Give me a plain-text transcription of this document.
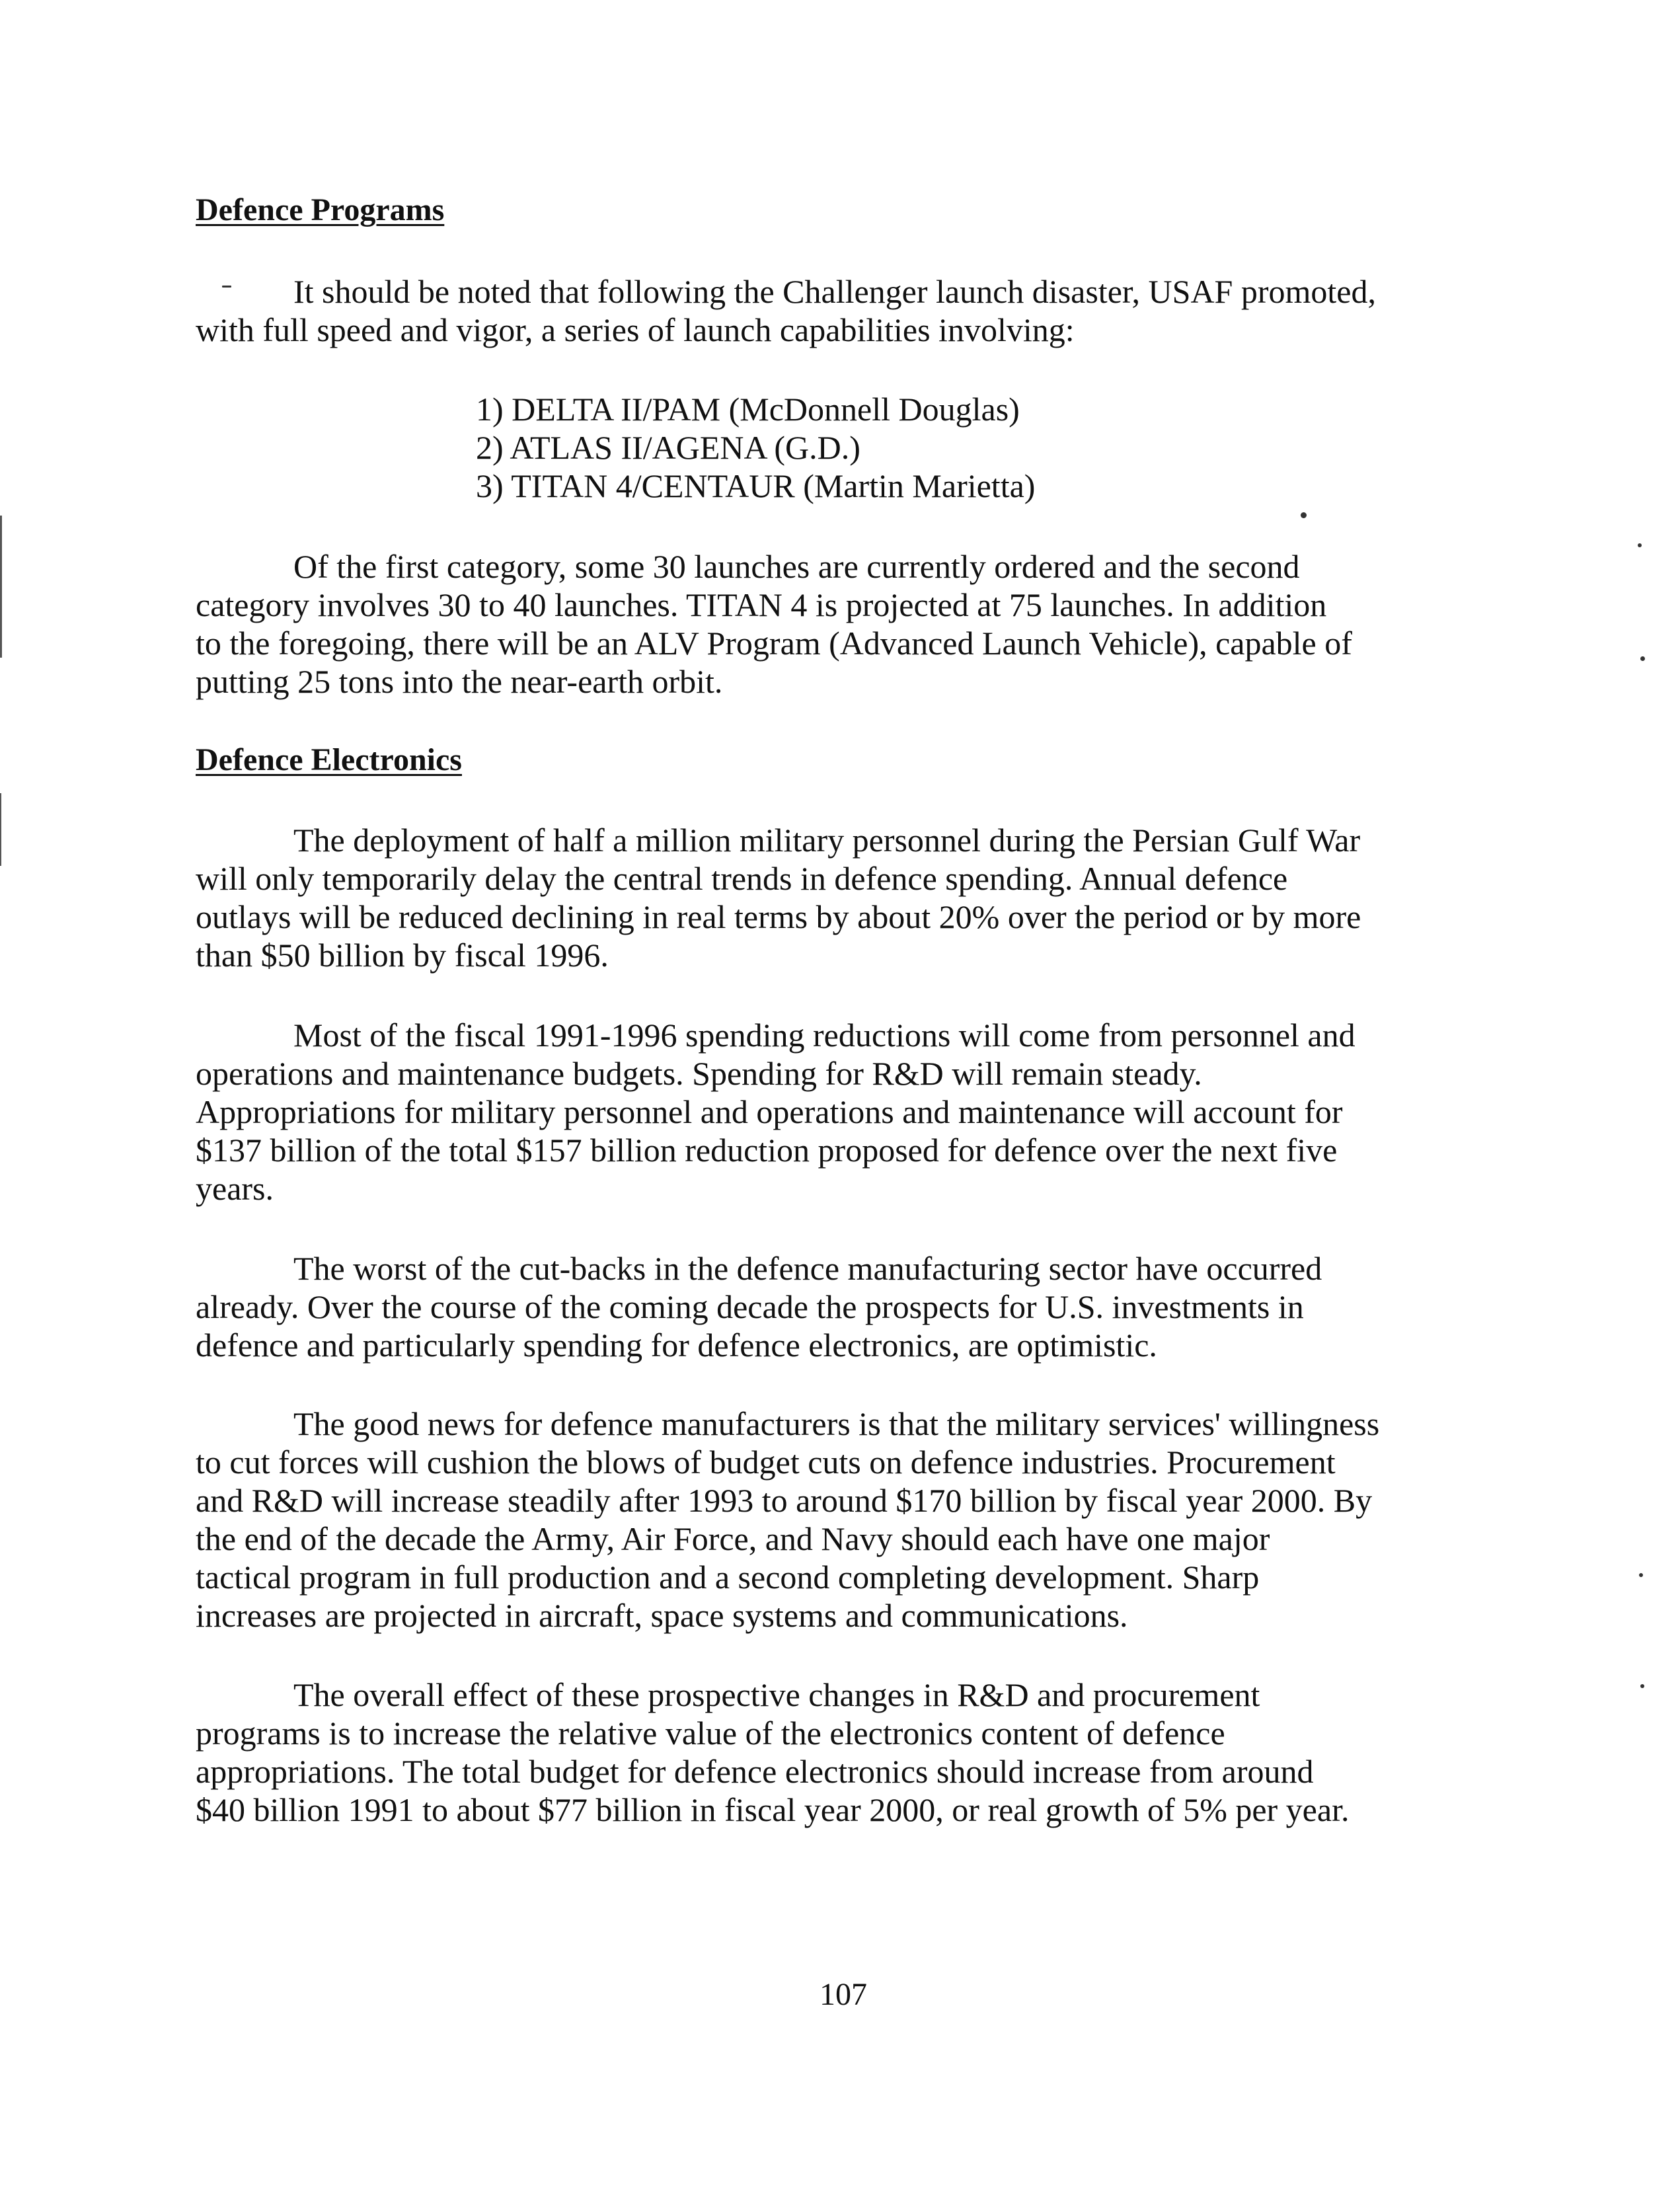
Defence Programs

It should be noted that following the Challenger launch disaster, USAF promoted,
with full speed and vigor, a series of launch capabilities involving:

1) DELTA II/PAM (McDonnell Douglas)
2) ATLAS II/AGENA (G.D.)
3) TITAN 4/CENTAUR (Martin Marietta)

Of the first category, some 30 launches are currently ordered and the second
category involves 30 to 40 launches. TITAN 4 is projected at 75 launches. In addition
to the foregoing, there will be an ALV Program (Advanced Launch Vehicle), capable of
putting 25 tons into the near-earth orbit.

Defence Electronics

The deployment of half a million military personnel during the Persian Gulf War
will only temporarily delay the central trends in defence spending. Annual defence
outlays will be reduced declining in real terms by about 20% over the period or by more
than $50 billion by fiscal 1996.

Most of the fiscal 1991-1996 spending reductions will come from personnel and
operations and maintenance budgets. Spending for R&D will remain steady.
Appropriations for military personnel and operations and maintenance will account for
$137 billion of the total $157 billion reduction proposed for defence over the next five
years.

The worst of the cut-backs in the defence manufacturing sector have occurred
already. Over the course of the coming decade the prospects for U.S. investments in
defence and particularly spending for defence electronics, are optimistic.

The good news for defence manufacturers is that the military services' willingness
to cut forces will cushion the blows of budget cuts on defence industries. Procurement
and R&D will increase steadily after 1993 to around $170 billion by fiscal year 2000. By
the end of the decade the Army, Air Force, and Navy should each have one major
tactical program in full production and a second completing development. Sharp
increases are projected in aircraft, space systems and communications.

The overall effect of these prospective changes in R&D and procurement
programs is to increase the relative value of the electronics content of defence
appropriations. The total budget for defence electronics should increase from around
$40 billion 1991 to about $77 billion in fiscal year 2000, or real growth of 5% per year.

107
